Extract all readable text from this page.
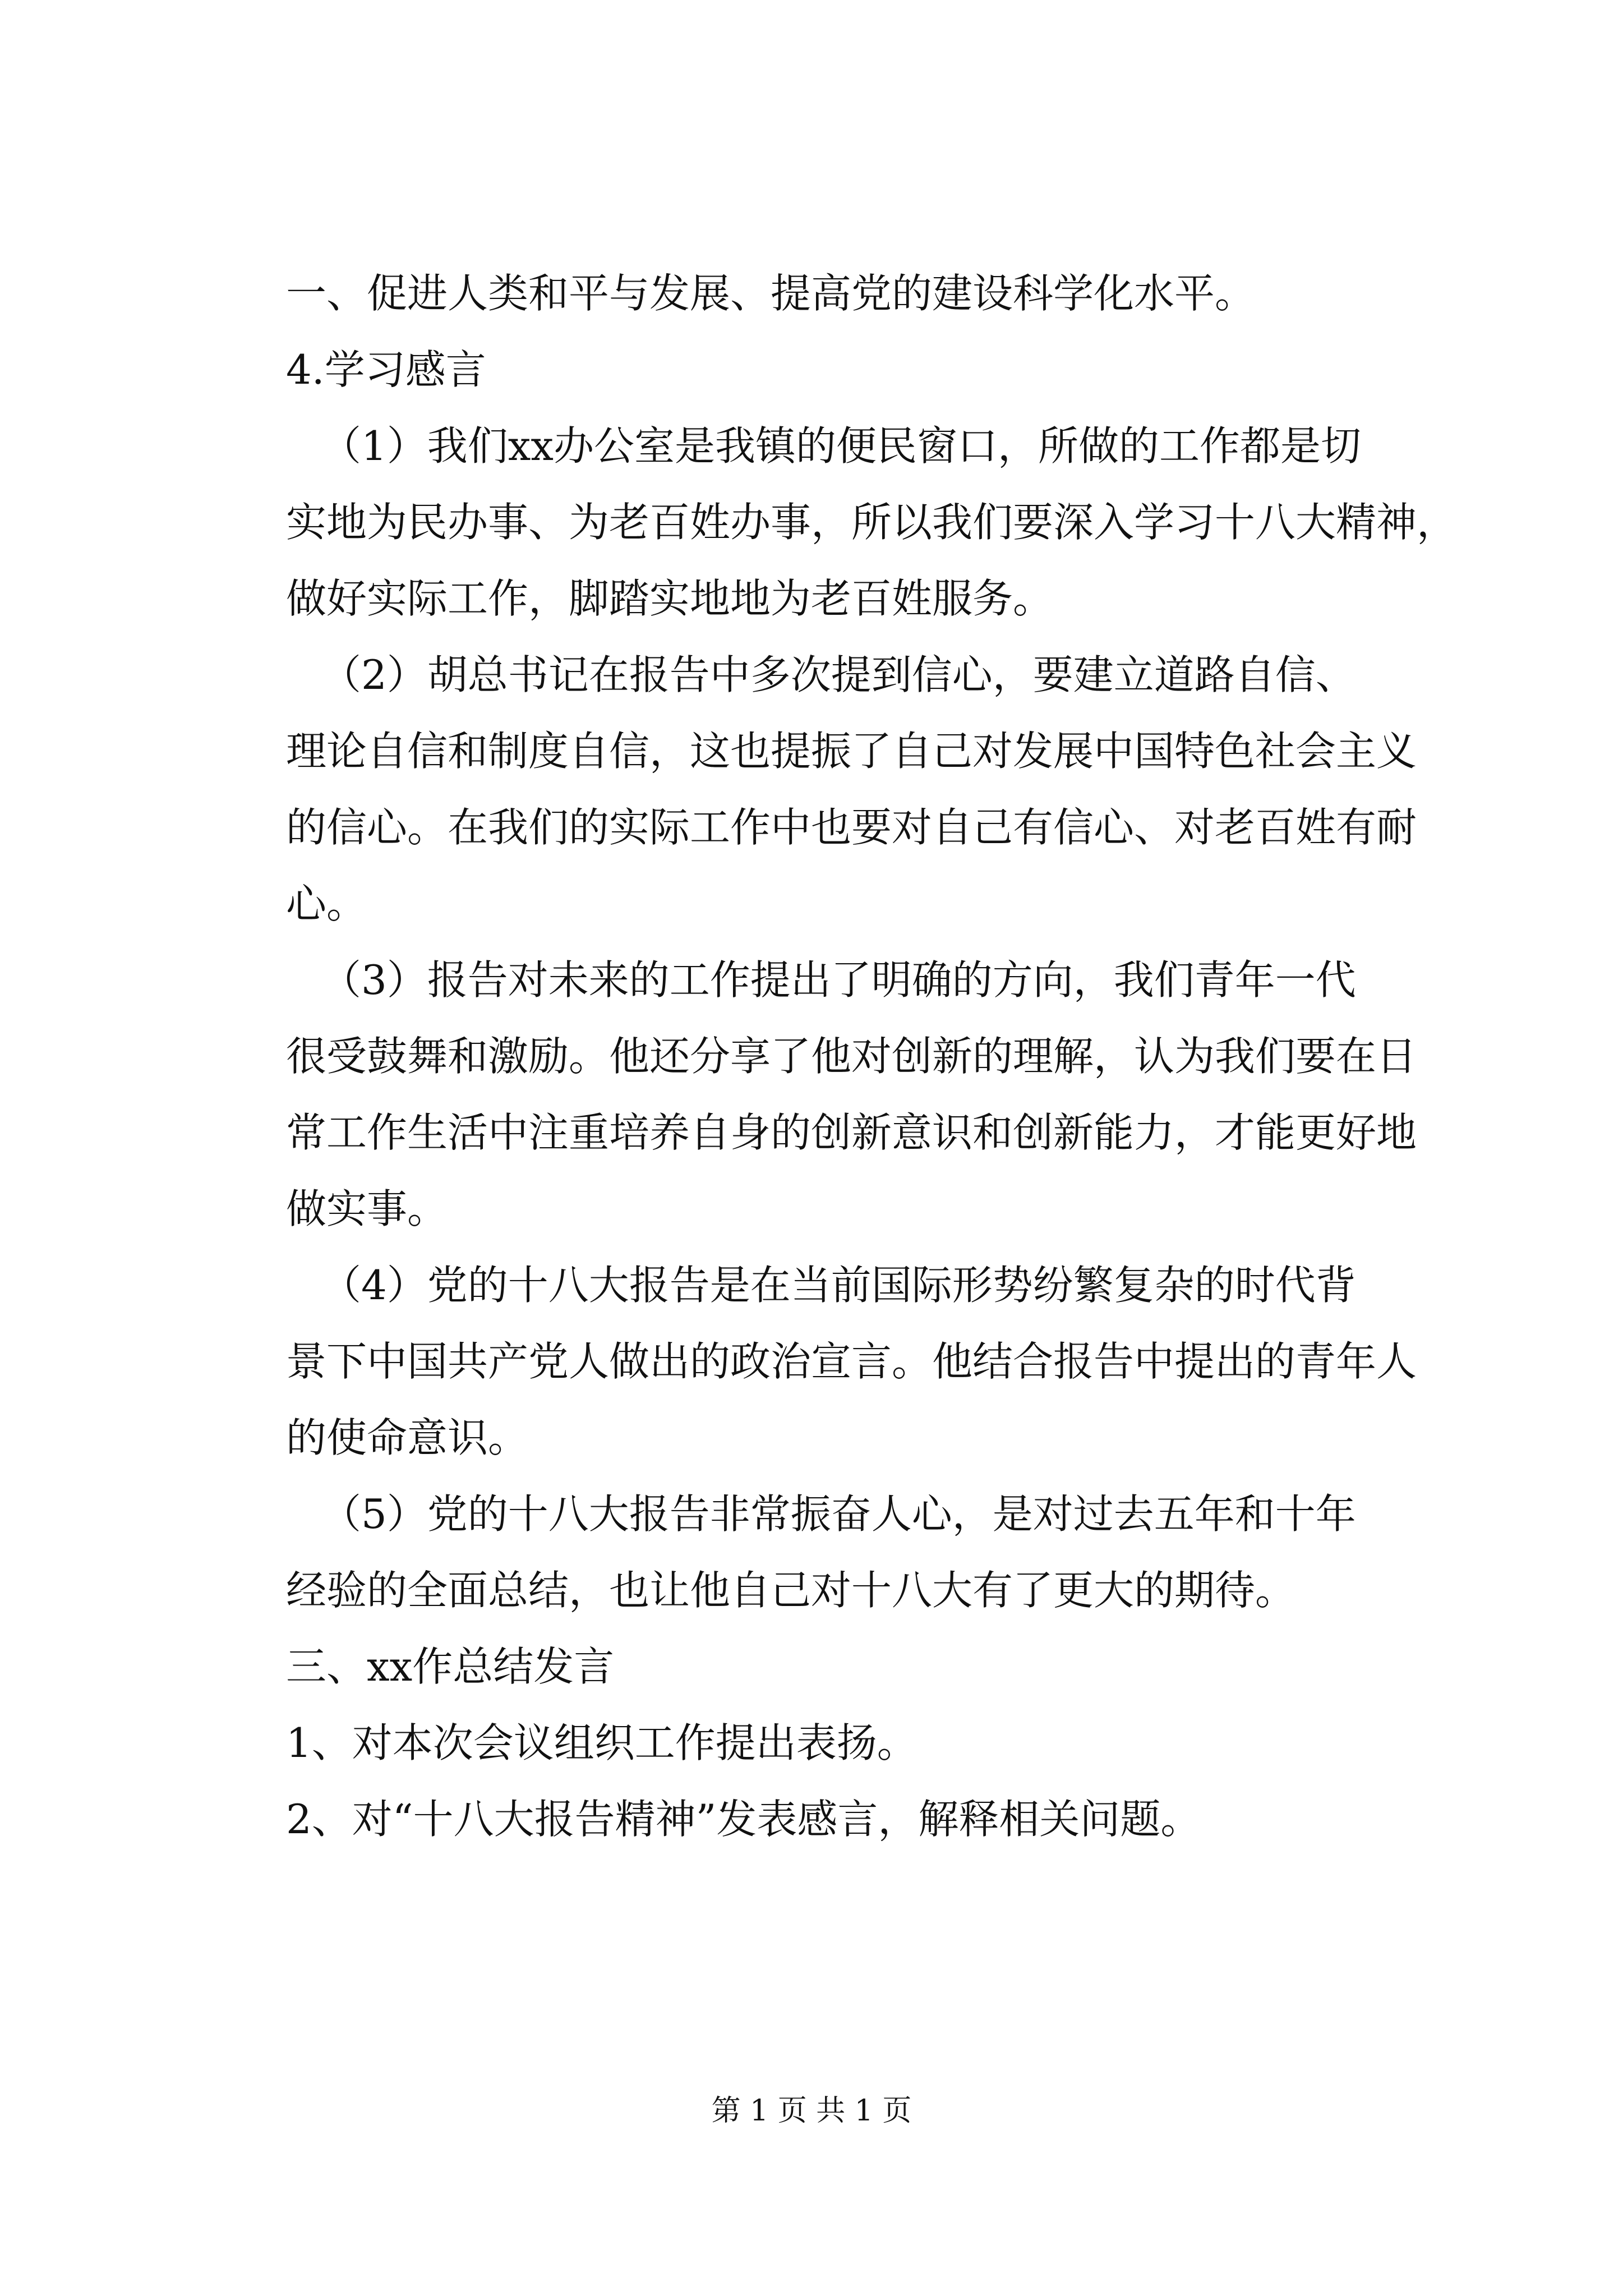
一、促进人类和平与发展、提高党的建设科学化水平。

4.学习感言

（1）我们xx办公室是我镇的便民窗口，所做的工作都是切

实地为民办事、为老百姓办事，所以我们要深入学习十八大精神，

做好实际工作，脚踏实地地为老百姓服务。

（2）胡总书记在报告中多次提到信心，要建立道路自信、

理论自信和制度自信，这也提振了自己对发展中国特色社会主义

的信心。在我们的实际工作中也要对自己有信心、对老百姓有耐

心。

（3）报告对未来的工作提出了明确的方向，我们青年一代

很受鼓舞和激励。他还分享了他对创新的理解，认为我们要在日

常工作生活中注重培养自身的创新意识和创新能力，才能更好地

做实事。

（4）党的十八大报告是在当前国际形势纷繁复杂的时代背

景下中国共产党人做出的政治宣言。他结合报告中提出的青年人

的使命意识。

（5）党的十八大报告非常振奋人心，是对过去五年和十年

经验的全面总结，也让他自己对十八大有了更大的期待。

三、xx作总结发言

1、对本次会议组织工作提出表扬。

2、对“十八大报告精神”发表感言，解释相关问题。

第 1 页 共 1 页
